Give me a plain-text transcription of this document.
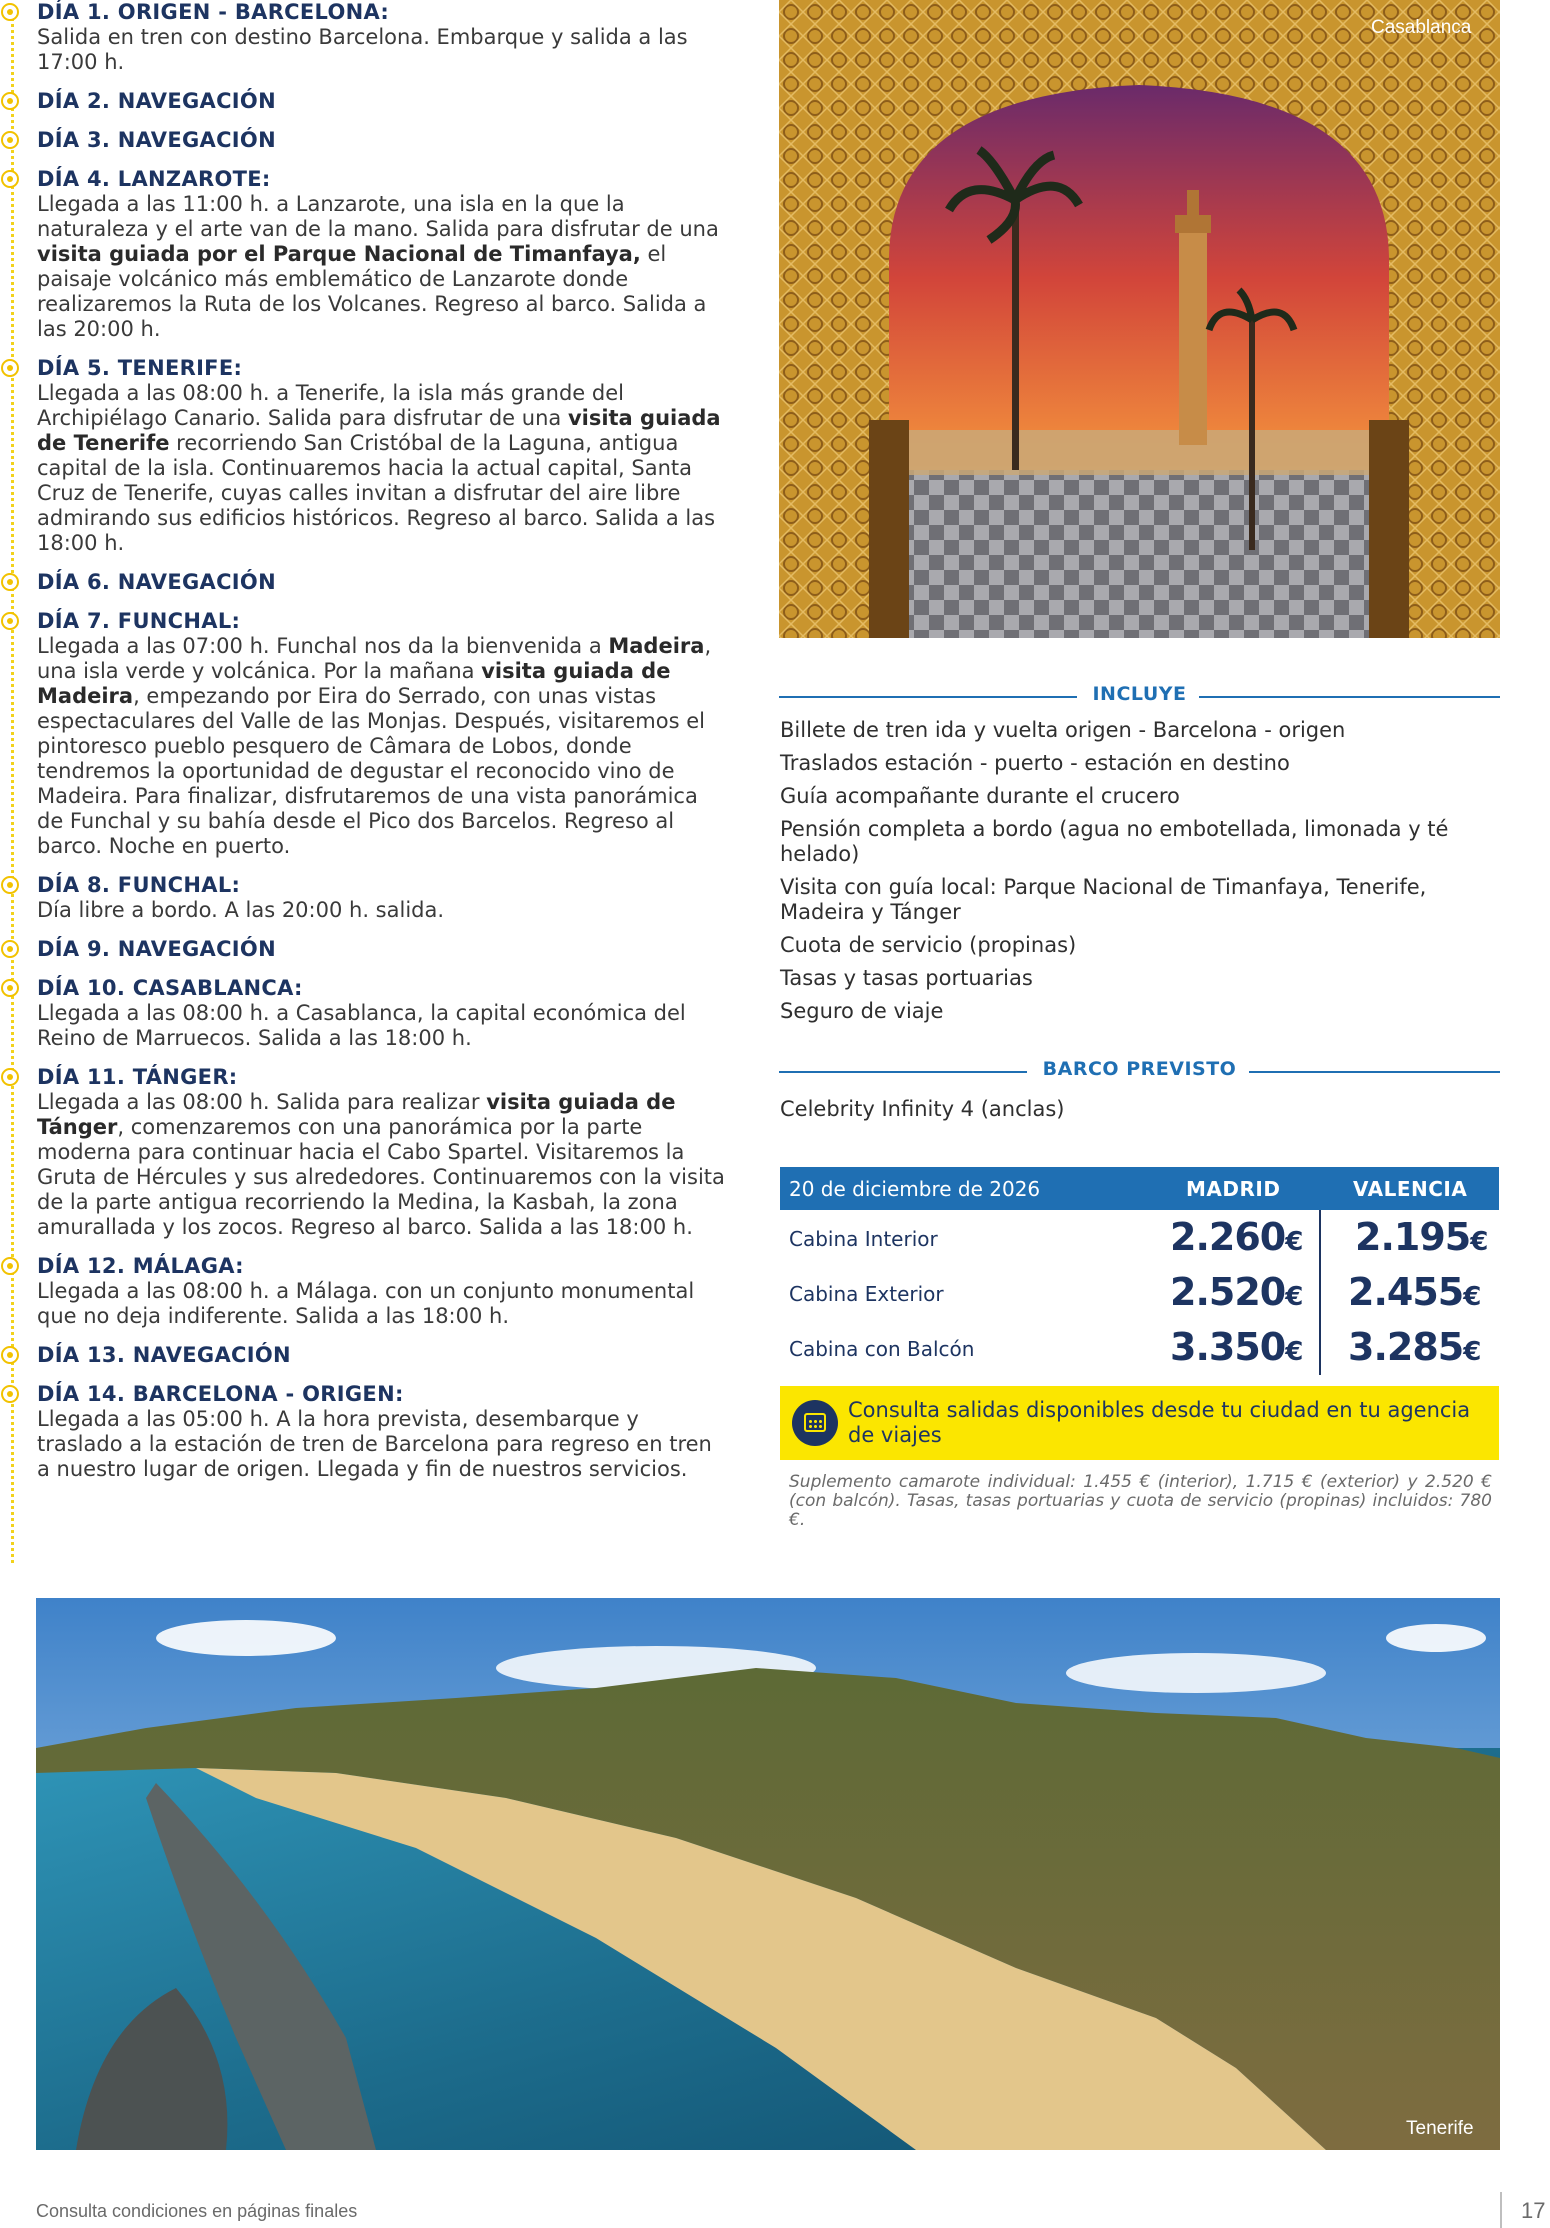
DÍA 1. ORIGEN - BARCELONA:
Salida en tren con destino Barcelona. Embarque y salida a las 17:00 h.
DÍA 2. NAVEGACIÓN
DÍA 3. NAVEGACIÓN
DÍA 4. LANZAROTE:
Llegada a las 11:00 h. a Lanzarote, una isla en la que la naturaleza y el arte van de la mano. Salida para disfrutar de una visita guiada por el Parque Nacional de Timanfaya, el paisaje volcánico más emblemático de Lanzarote donde realizaremos la Ruta de los Volcanes. Regreso al barco. Salida a las 20:00 h.
DÍA 5. TENERIFE:
Llegada a las 08:00 h. a Tenerife, la isla más grande del Archipiélago Canario. Salida para disfrutar de una visita guiada de Tenerife recorriendo San Cristóbal de la Laguna, antigua capital de la isla. Continuaremos hacia la actual capital, Santa Cruz de Tenerife, cuyas calles invitan a disfrutar del aire libre admirando sus edificios históricos. Regreso al barco. Salida a las 18:00 h.
DÍA 6. NAVEGACIÓN
DÍA 7. FUNCHAL:
Llegada a las 07:00 h. Funchal nos da la bienvenida a Madeira, una isla verde y volcánica. Por la mañana visita guiada de Madeira, empezando por Eira do Serrado, con unas vistas espectaculares del Valle de las Monjas. Después, visitaremos el pintoresco pueblo pesquero de Câmara de Lobos, donde tendremos la oportunidad de degustar el reconocido vino de Madeira. Para finalizar, disfrutaremos de una vista panorámica de Funchal y su bahía desde el Pico dos Barcelos. Regreso al barco. Noche en puerto.
DÍA 8. FUNCHAL:
Día libre a bordo. A las 20:00 h. salida.
DÍA 9. NAVEGACIÓN
DÍA 10. CASABLANCA:
Llegada a las 08:00 h. a Casablanca, la capital económica del Reino de Marruecos. Salida a las 18:00 h.
DÍA 11. TÁNGER:
Llegada a las 08:00 h. Salida para realizar visita guiada de Tánger, comenzaremos con una panorámica por la parte moderna para continuar hacia el Cabo Spartel. Visitaremos la Gruta de Hércules y sus alrededores. Continuaremos con la visita de la parte antigua recorriendo la Medina, la Kasbah, la zona amurallada y los zocos. Regreso al barco. Salida a las 18:00 h.
DÍA 12. MÁLAGA:
Llegada a las 08:00 h. a Málaga. con un conjunto monumental que no deja indiferente. Salida a las 18:00 h.
DÍA 13. NAVEGACIÓN
DÍA 14. BARCELONA - ORIGEN:
Llegada a las 05:00 h. A la hora prevista, desembarque y traslado a la estación de tren de Barcelona para regreso en tren a nuestro lugar de origen. Llegada y fin de nuestros servicios.
Casablanca
INCLUYE
Billete de tren ida y vuelta origen - Barcelona - origen
Traslados estación - puerto - estación en destino
Guía acompañante durante el crucero
Pensión completa a bordo (agua no embotellada, limonada y té helado)
Visita con guía local: Parque Nacional de Timanfaya, Tenerife, Madeira y Tánger
Cuota de servicio (propinas)
Tasas y tasas portuarias
Seguro de viaje
BARCO PREVISTO
Celebrity Infinity 4 (anclas)
20 de diciembre de 2026	MADRID	VALENCIA
Cabina Interior	2.260€ 2.195€
Cabina Exterior	2.520€ 2.455€
Cabina con Balcón	3.350€ 3.285€
Consulta salidas disponibles desde tu ciudad en tu agencia de viajes
Suplemento camarote individual: 1.455 € (interior), 1.715 € (exterior) y 2.520 € (con balcón). Tasas, tasas portuarias y cuota de servicio (propinas) incluidos: 780 €.
Tenerife
Consulta condiciones en páginas finales	17
